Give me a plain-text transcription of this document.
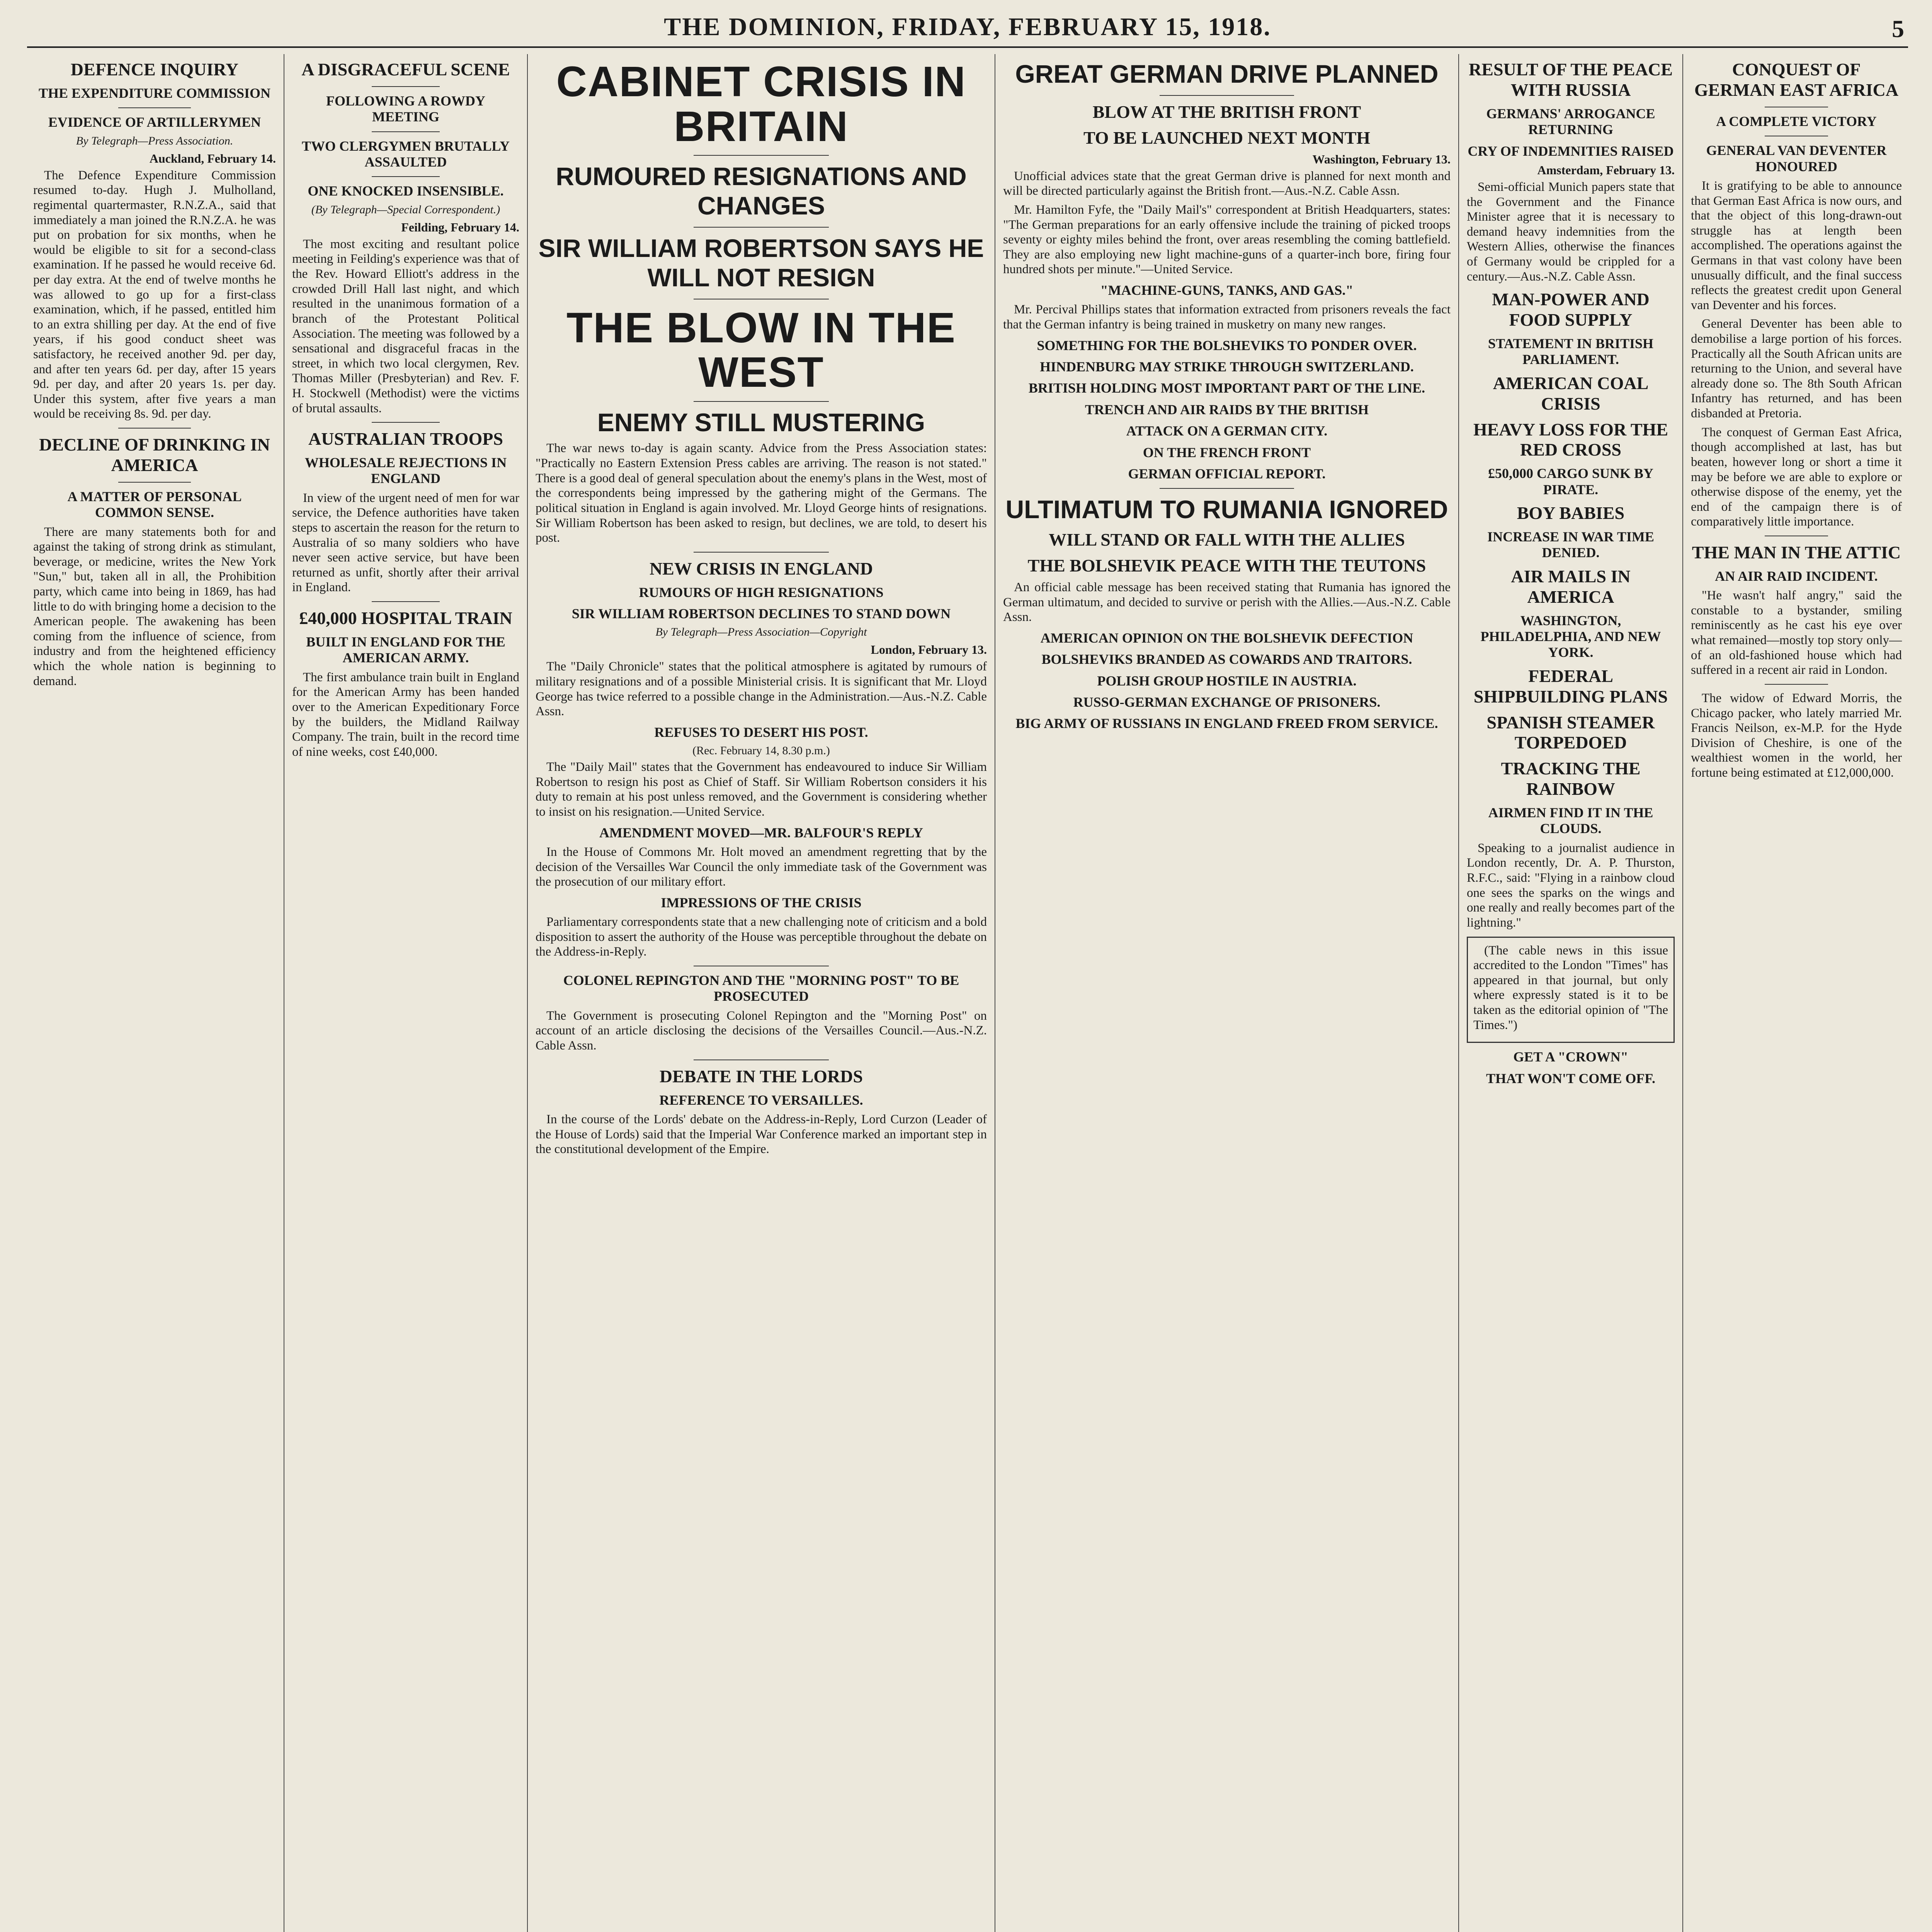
THE DOMINION, FRIDAY, FEBRUARY 15, 1918.	5
DEFENCE INQUIRY
THE EXPENDITURE COMMISSION
EVIDENCE OF ARTILLERYMEN
By Telegraph—Press Association.
Auckland, February 14.

The Defence Expenditure Commission resumed to-day. Hugh J. Mulholland, regimental quartermaster, R.N.Z.A., said that immediately a man joined the R.N.Z.A. he was put on probation for six months, when he would be eligible to sit for a second-class examination. If he passed he would receive 6d. per day extra. At the end of twelve months he was allowed to go up for a first-class examination, which, if he passed, entitled him to an extra shilling per day. At the end of five years, if his good conduct sheet was satisfactory, he received another 9d. per day, and after ten years 6d. per day, after 15 years 9d. per day, and after 20 years 1s. per day. Under this system, after five years a man would be receiving 8s. 9d. per day.

DECLINE OF DRINKING IN AMERICA
A MATTER OF PERSONAL COMMON SENSE.

There are many statements both for and against the taking of strong drink as stimulant, beverage, or medicine, writes the New York "Sun," but, taken all in all, the Prohibition party, which came into being in 1869, has had little to do with bringing home a decision to the American people. The awakening has been coming from the influence of science, from industry and from the heightened efficiency which the whole nation is beginning to demand.

A DISGRACEFUL SCENE
FOLLOWING A ROWDY MEETING
TWO CLERGYMEN BRUTALLY ASSAULTED
ONE KNOCKED INSENSIBLE.
(By Telegraph—Special Correspondent.)
Feilding, February 14.

The most exciting and resultant police meeting in Feilding's experience was that of the Rev. Howard Elliott's address in the crowded Drill Hall last night, and which resulted in the unanimous formation of a branch of the Protestant Political Association. The meeting was followed by a sensational and disgraceful fracas in the street, in which two local clergymen, Rev. Thomas Miller (Presbyterian) and Rev. F. H. Stockwell (Methodist) were the victims of brutal assaults.

AUSTRALIAN TROOPS
WHOLESALE REJECTIONS IN ENGLAND

In view of the urgent need of men for war service, the Defence authorities have taken steps to ascertain the reason for the return to Australia of so many soldiers who have never seen active service, but have been returned as unfit, shortly after their arrival in England.

£40,000 HOSPITAL TRAIN
BUILT IN ENGLAND FOR THE AMERICAN ARMY.

The first ambulance train built in England for the American Army has been handed over to the American Expeditionary Force by the builders, the Midland Railway Company. The train, built in the record time of nine weeks, cost £40,000.

CABINET CRISIS IN BRITAIN
RUMOURED RESIGNATIONS AND CHANGES
SIR WILLIAM ROBERTSON SAYS HE WILL NOT RESIGN
THE BLOW IN THE WEST
ENEMY STILL MUSTERING

The war news to-day is again scanty. Advice from the Press Association states: "Practically no Eastern Extension Press cables are arriving. The reason is not stated." There is a good deal of general speculation about the enemy's plans in the West, most of the correspondents being impressed by the gathering might of the Germans. The political situation in England is again involved. Mr. Lloyd George hints of resignations. Sir William Robertson has been asked to resign, but declines, we are told, to desert his post.

NEW CRISIS IN ENGLAND
RUMOURS OF HIGH RESIGNATIONS
SIR WILLIAM ROBERTSON DECLINES TO STAND DOWN
By Telegraph—Press Association—Copyright
London, February 13.

The "Daily Chronicle" states that the political atmosphere is agitated by rumours of military resignations and of a possible Ministerial crisis. It is significant that Mr. Lloyd George has twice referred to a possible change in the Administration.—Aus.-N.Z. Cable Assn.

REFUSES TO DESERT HIS POST.
(Rec. February 14, 8.30 p.m.)

The "Daily Mail" states that the Government has endeavoured to induce Sir William Robertson to resign his post as Chief of Staff. Sir William Robertson considers it his duty to remain at his post unless removed, and the Government is considering whether to insist on his resignation.—United Service.

AMENDMENT MOVED—MR. BALFOUR'S REPLY

In the House of Commons Mr. Holt moved an amendment regretting that by the decision of the Versailles War Council the only immediate task of the Government was the prosecution of our military effort.

IMPRESSIONS OF THE CRISIS

Parliamentary correspondents state that a new challenging note of criticism and a bold disposition to assert the authority of the House was perceptible throughout the debate on the Address-in-Reply.

COLONEL REPINGTON AND THE "MORNING POST" TO BE PROSECUTED

The Government is prosecuting Colonel Repington and the "Morning Post" on account of an article disclosing the decisions of the Versailles Council.—Aus.-N.Z. Cable Assn.

DEBATE IN THE LORDS
REFERENCE TO VERSAILLES.

In the course of the Lords' debate on the Address-in-Reply, Lord Curzon (Leader of the House of Lords) said that the Imperial War Conference marked an important step in the constitutional development of the Empire.

GREAT GERMAN DRIVE PLANNED
BLOW AT THE BRITISH FRONT
TO BE LAUNCHED NEXT MONTH
Washington, February 13.

Unofficial advices state that the great German drive is planned for next month and will be directed particularly against the British front.—Aus.-N.Z. Cable Assn.

Mr. Hamilton Fyfe, the "Daily Mail's" correspondent at British Headquarters, states: "The German preparations for an early offensive include the training of picked troops seventy or eighty miles behind the front, over areas resembling the coming battlefield. They are also employing new light machine-guns of a quarter-inch bore, firing four hundred shots per minute."—United Service.

"MACHINE-GUNS, TANKS, AND GAS."

Mr. Percival Phillips states that information extracted from prisoners reveals the fact that the German infantry is being trained in musketry on many new ranges.

SOMETHING FOR THE BOLSHEVIKS TO PONDER OVER.
HINDENBURG MAY STRIKE THROUGH SWITZERLAND.
BRITISH HOLDING MOST IMPORTANT PART OF THE LINE.
TRENCH AND AIR RAIDS BY THE BRITISH
ATTACK ON A GERMAN CITY.
ON THE FRENCH FRONT
GERMAN OFFICIAL REPORT.
ULTIMATUM TO RUMANIA IGNORED
WILL STAND OR FALL WITH THE ALLIES
THE BOLSHEVIK PEACE WITH THE TEUTONS

An official cable message has been received stating that Rumania has ignored the German ultimatum, and decided to survive or perish with the Allies.—Aus.-N.Z. Cable Assn.

AMERICAN OPINION ON THE BOLSHEVIK DEFECTION
BOLSHEVIKS BRANDED AS COWARDS AND TRAITORS.
POLISH GROUP HOSTILE IN AUSTRIA.
RUSSO-GERMAN EXCHANGE OF PRISONERS.
BIG ARMY OF RUSSIANS IN ENGLAND FREED FROM SERVICE.
RESULT OF THE PEACE WITH RUSSIA
GERMANS' ARROGANCE RETURNING
CRY OF INDEMNITIES RAISED
Amsterdam, February 13.

Semi-official Munich papers state that the Government and the Finance Minister agree that it is necessary to demand heavy indemnities from the Western Allies, otherwise the finances of Germany would be crippled for a century.—Aus.-N.Z. Cable Assn.

MAN-POWER AND FOOD SUPPLY
STATEMENT IN BRITISH PARLIAMENT.
AMERICAN COAL CRISIS
HEAVY LOSS FOR THE RED CROSS
£50,000 CARGO SUNK BY PIRATE.
BOY BABIES
INCREASE IN WAR TIME DENIED.
AIR MAILS IN AMERICA
WASHINGTON, PHILADELPHIA, AND NEW YORK.
FEDERAL SHIPBUILDING PLANS
SPANISH STEAMER TORPEDOED
TRACKING THE RAINBOW
AIRMEN FIND IT IN THE CLOUDS.

Speaking to a journalist audience in London recently, Dr. A. P. Thurston, R.F.C., said: "Flying in a rainbow cloud one sees the sparks on the wings and one really and really becomes part of the lightning."

(The cable news in this issue accredited to the London "Times" has appeared in that journal, but only where expressly stated is it to be taken as the editorial opinion of "The Times.")

GET A "CROWN"
THAT WON'T COME OFF.
CONQUEST OF GERMAN EAST AFRICA
A COMPLETE VICTORY
GENERAL VAN DEVENTER HONOURED

It is gratifying to be able to announce that German East Africa is now ours, and that the object of this long-drawn-out struggle has at length been accomplished. The operations against the Germans in that vast colony have been unusually difficult, and the final success reflects the greatest credit upon General van Deventer and his forces.

General Deventer has been able to demobilise a large portion of his forces. Practically all the South African units are returning to the Union, and several have already done so. The 8th South African Infantry has returned, and has been disbanded at Pretoria.

The conquest of German East Africa, though accomplished at last, has but beaten, however long or short a time it may be before we are able to explore or otherwise dispose of the enemy, yet the end of the campaign there is of comparatively little importance.

THE MAN IN THE ATTIC
AN AIR RAID INCIDENT.

"He wasn't half angry," said the constable to a bystander, smiling reminiscently as he cast his eye over what remained—mostly top story only—of an old-fashioned house which had suffered in a recent air raid in London.

The widow of Edward Morris, the Chicago packer, who lately married Mr. Francis Neilson, ex-M.P. for the Hyde Division of Cheshire, is one of the wealthiest women in the world, her fortune being estimated at £12,000,000.
